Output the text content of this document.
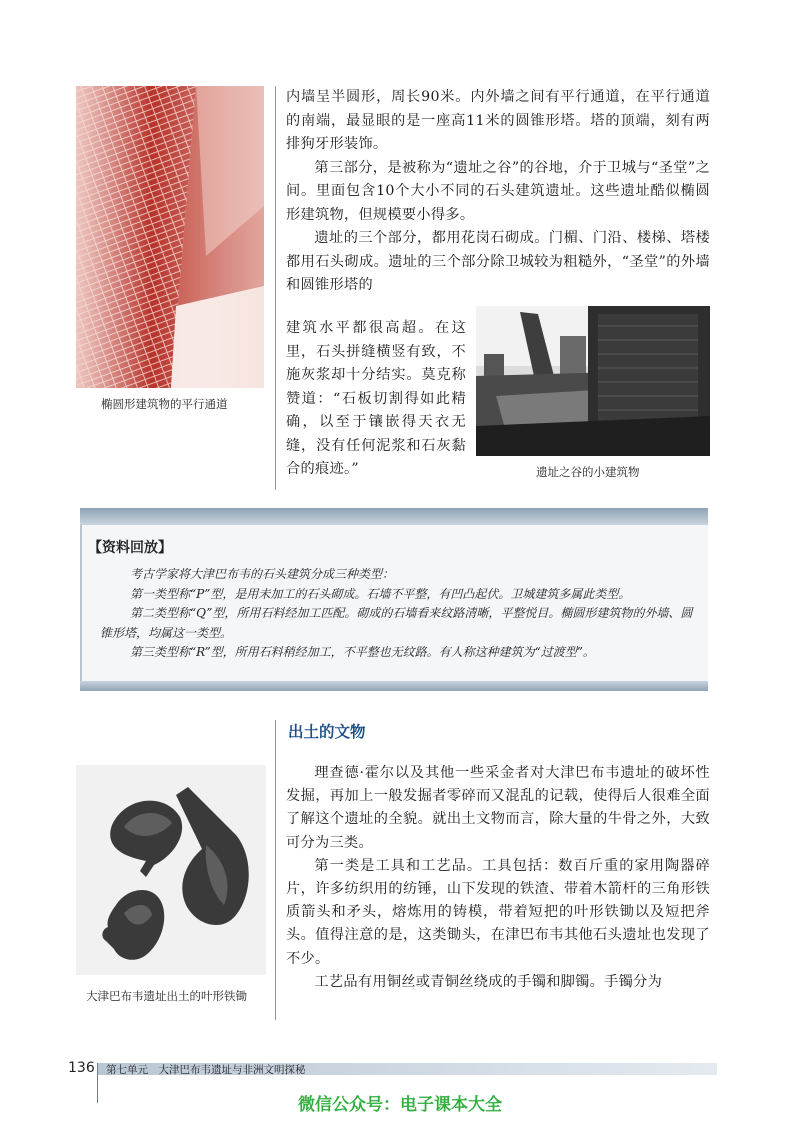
椭圆形建筑物的平行通道

内墙呈半圆形，周长90米。内外墙之间有平行通道，在平行通道的南端，最显眼的是一座高11米的圆锥形塔。塔的顶端，刻有两排狗牙形装饰。

第三部分，是被称为“遗址之谷”的谷地，介于卫城与“圣堂”之间。里面包含10个大小不同的石头建筑遗址。这些遗址酷似椭圆形建筑物，但规模要小得多。

遗址的三个部分，都用花岗石砌成。门楣、门沿、楼梯、塔楼都用石头砌成。遗址的三个部分除卫城较为粗糙外，“圣堂”的外墙和圆锥形塔的

建筑水平都很高超。在这里，石头拼缝横竖有致，不施灰浆却十分结实。莫克称赞道：“石板切割得如此精确，以至于镶嵌得天衣无缝，没有任何泥浆和石灰黏合的痕迹。”	遗址之谷的小建筑物
【资料回放】

考古学家将大津巴布韦的石头建筑分成三种类型：

第一类型称“P”型，是用未加工的石头砌成。石墙不平整，有凹凸起伏。卫城建筑多属此类型。

第二类型称“Q”型，所用石料经加工匹配。砌成的石墙看来纹路清晰，平整悦目。椭圆形建筑物的外墙、圆锥形塔，均属这一类型。

第三类型称“R”型，所用石料稍经加工，不平整也无纹路。有人称这种建筑为“过渡型”。

出土的文物
大津巴布韦遗址出土的叶形铁锄

理查德·霍尔以及其他一些采金者对大津巴布韦遗址的破坏性发掘，再加上一般发掘者零碎而又混乱的记载，使得后人很难全面了解这个遗址的全貌。就出土文物而言，除大量的牛骨之外，大致可分为三类。

第一类是工具和工艺品。工具包括：数百斤重的家用陶器碎片，许多纺织用的纺锤，山下发现的铁渣、带着木箭杆的三角形铁质箭头和矛头，熔炼用的铸模，带着短把的叶形铁锄以及短把斧头。值得注意的是，这类锄头，在津巴布韦其他石头遗址也发现了不少。

工艺品有用铜丝或青铜丝绕成的手镯和脚镯。手镯分为

136 第七单元　大津巴布韦遗址与非洲文明探秘
微信公众号：电子课本大全
